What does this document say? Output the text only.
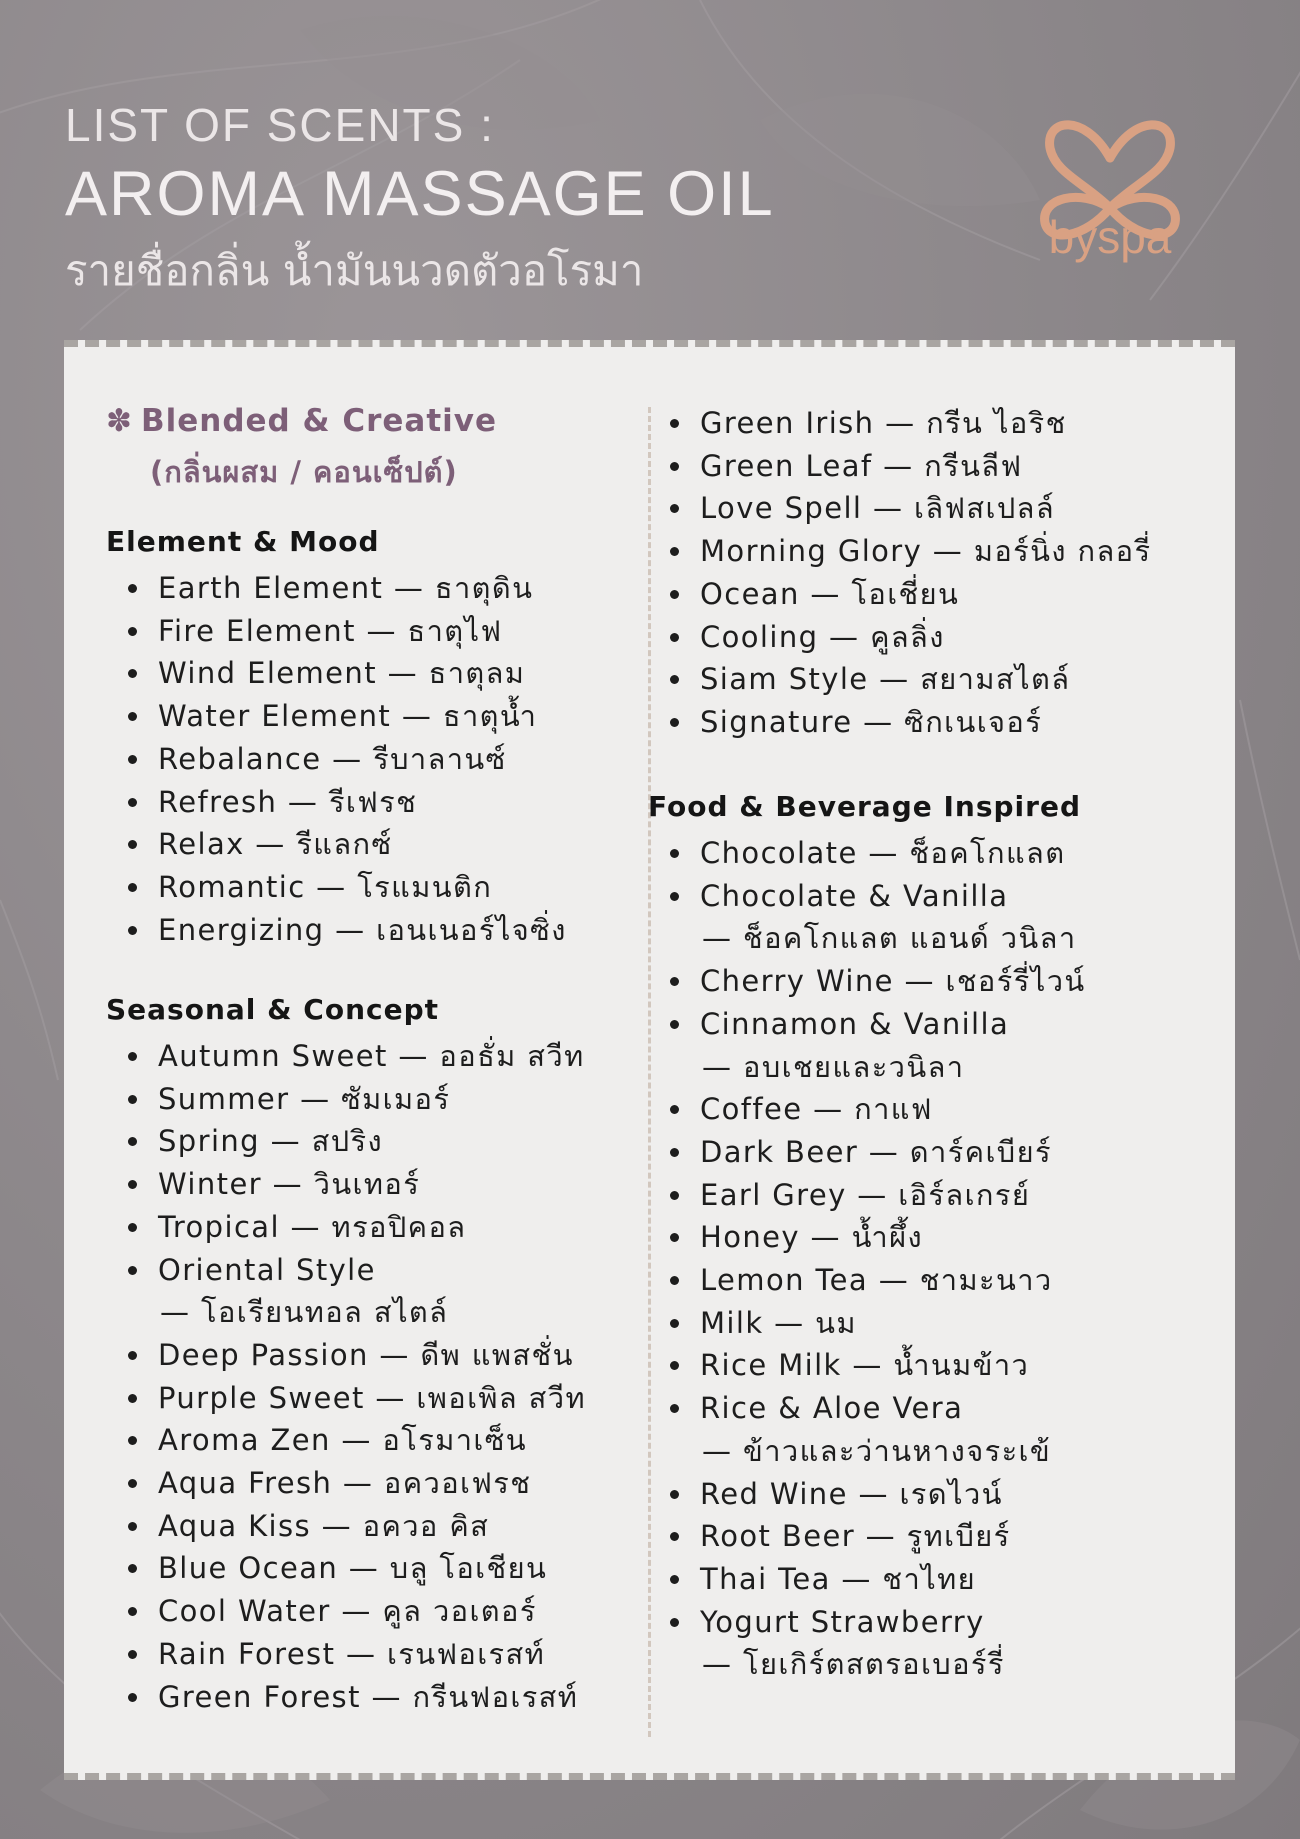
LIST OF SCENTS :
AROMA MASSAGE OIL
รายชื่อกลิ่น น้ำมันนวดตัวอโรมา
byspa
✽ Blended & Creative
(กลิ่นผสม / คอนเซ็ปต์)
Element & Mood
Earth Element — ธาตุดิน
Fire Element — ธาตุไฟ
Wind Element — ธาตุลม
Water Element — ธาตุน้ำ
Rebalance — รีบาลานซ์
Refresh — รีเฟรช
Relax — รีแลกซ์
Romantic — โรแมนติก
Energizing — เอนเนอร์ไจซิ่ง
Seasonal & Concept
Autumn Sweet — ออธั่ม สวีท
Summer — ซัมเมอร์
Spring — สปริง
Winter — วินเทอร์
Tropical — ทรอปิคอล
Oriental Style
— โอเรียนทอล สไตล์
Deep Passion — ดีพ แพสชั่น
Purple Sweet — เพอเพิล สวีท
Aroma Zen — อโรมาเซ็น
Aqua Fresh — อควอเฟรช
Aqua Kiss — อควอ คิส
Blue Ocean — บลู โอเชียน
Cool Water — คูล วอเตอร์
Rain Forest — เรนฟอเรสท์
Green Forest — กรีนฟอเรสท์
Green Irish — กรีน ไอริช
Green Leaf — กรีนลีฟ
Love Spell — เลิฟสเปลล์
Morning Glory — มอร์นิ่ง กลอรี่
Ocean — โอเชี่ยน
Cooling — คูลลิ่ง
Siam Style — สยามสไตล์
Signature — ซิกเนเจอร์
Food & Beverage Inspired
Chocolate — ช็อคโกแลต
Chocolate & Vanilla
— ช็อคโกแลต แอนด์ วนิลา
Cherry Wine — เชอร์รี่ไวน์
Cinnamon & Vanilla
— อบเชยและวนิลา
Coffee — กาแฟ
Dark Beer — ดาร์คเบียร์
Earl Grey — เอิร์ลเกรย์
Honey — น้ำผึ้ง
Lemon Tea — ชามะนาว
Milk — นม
Rice Milk — น้ำนมข้าว
Rice & Aloe Vera
— ข้าวและว่านหางจระเข้
Red Wine — เรดไวน์
Root Beer — รูทเบียร์
Thai Tea — ชาไทย
Yogurt Strawberry
— โยเกิร์ตสตรอเบอร์รี่
